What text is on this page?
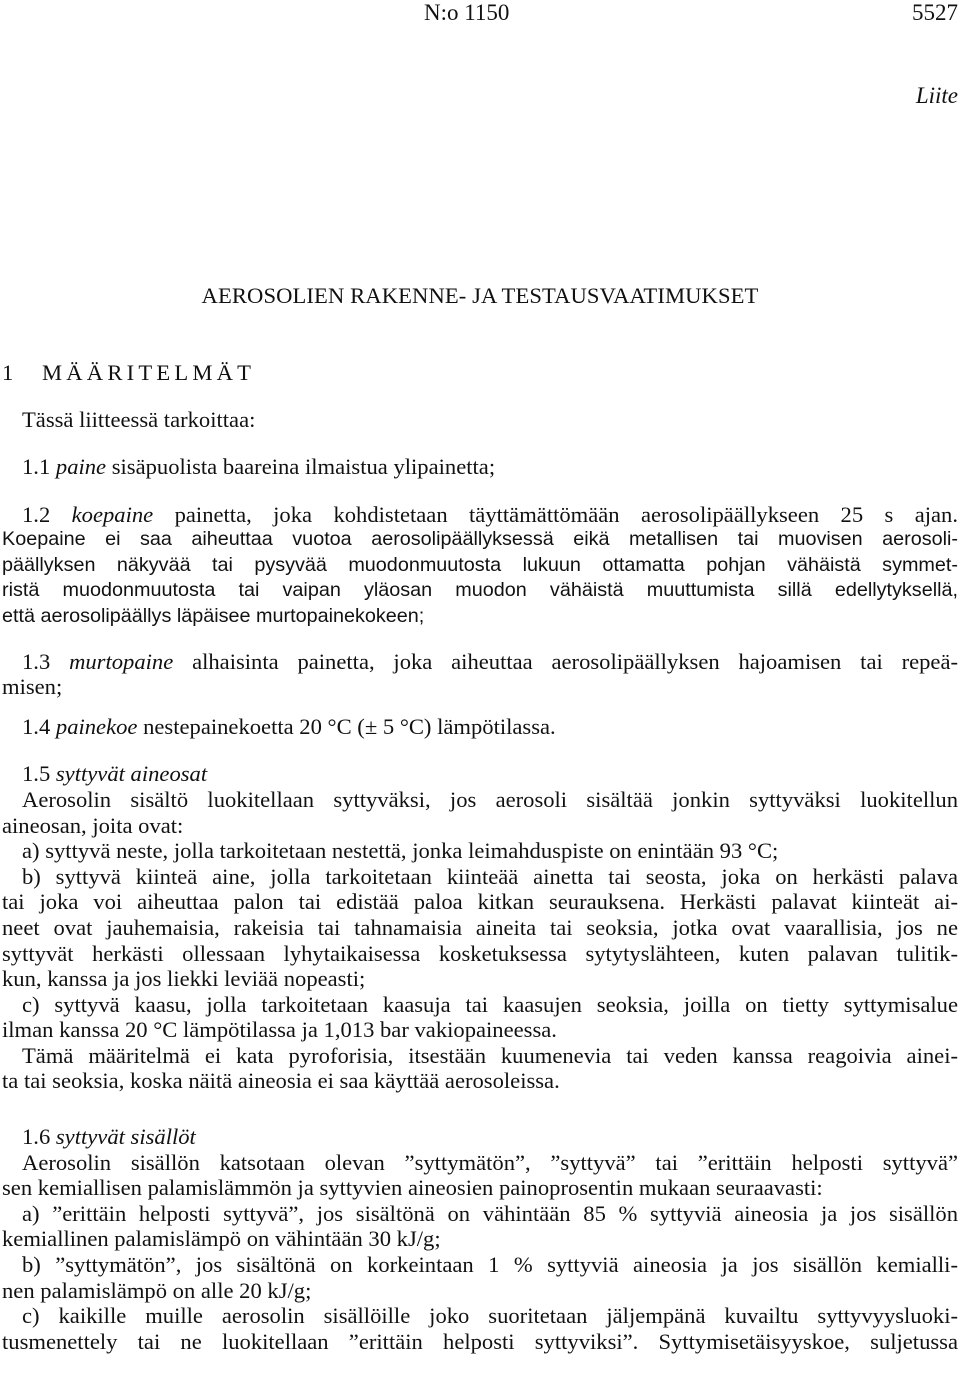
N:o 1150	5527
Liite
AEROSOLIEN RAKENNE- JA TESTAUSVAATIMUKSET
1 MÄÄRITELMÄT
Tässä liitteessä tarkoittaa:
1.1 paine sisäpuolista baareina ilmaistua ylipainetta;
1.2 koepaine painetta, joka kohdistetaan täyttämättömään aerosolipäällykseen 25 s ajan.
Koepaine ei saa aiheuttaa vuotoa aerosolipäällyksessä eikä metallisen tai muovisen aerosoli-
päällyksen näkyvää tai pysyvää muodonmuutosta lukuun ottamatta pohjan vähäistä symmet-
ristä muodonmuutosta tai vaipan yläosan muodon vähäistä muuttumista sillä edellytyksellä,
että aerosolipäällys läpäisee murtopainekokeen;
1.3 murtopaine alhaisinta painetta, joka aiheuttaa aerosolipäällyksen hajoamisen tai repeä-
misen;
1.4 painekoe nestepainekoetta 20 °C (± 5 °C) lämpötilassa.
1.5 syttyvät aineosat
Aerosolin sisältö luokitellaan syttyväksi, jos aerosoli sisältää jonkin syttyväksi luokitellun
aineosan, joita ovat:
a) syttyvä neste, jolla tarkoitetaan nestettä, jonka leimahduspiste on enintään 93 °C;
b) syttyvä kiinteä aine, jolla tarkoitetaan kiinteää ainetta tai seosta, joka on herkästi palava
tai joka voi aiheuttaa palon tai edistää paloa kitkan seurauksena. Herkästi palavat kiinteät ai-
neet ovat jauhemaisia, rakeisia tai tahnamaisia aineita tai seoksia, jotka ovat vaarallisia, jos ne
syttyvät herkästi ollessaan lyhytaikaisessa kosketuksessa sytytyslähteen, kuten palavan tulitik-
kun, kanssa ja jos liekki leviää nopeasti;
c) syttyvä kaasu, jolla tarkoitetaan kaasuja tai kaasujen seoksia, joilla on tietty syttymisalue
ilman kanssa 20 °C lämpötilassa ja 1,013 bar vakiopaineessa.
Tämä määritelmä ei kata pyroforisia, itsestään kuumenevia tai veden kanssa reagoivia ainei-
ta tai seoksia, koska näitä aineosia ei saa käyttää aerosoleissa.
1.6 syttyvät sisällöt
Aerosolin sisällön katsotaan olevan ”syttymätön”, ”syttyvä” tai ”erittäin helposti syttyvä”
sen kemiallisen palamislämmön ja syttyvien aineosien painoprosentin mukaan seuraavasti:
a) ”erittäin helposti syttyvä”, jos sisältönä on vähintään 85 % syttyviä aineosia ja jos sisällön
kemiallinen palamislämpö on vähintään 30 kJ/g;
b) ”syttymätön”, jos sisältönä on korkeintaan 1 % syttyviä aineosia ja jos sisällön kemialli-
nen palamislämpö on alle 20 kJ/g;
c) kaikille muille aerosolin sisällöille joko suoritetaan jäljempänä kuvailtu syttyvyysluoki-
tusmenettely tai ne luokitellaan ”erittäin helposti syttyviksi”. Syttymisetäisyyskoe, suljetussa
